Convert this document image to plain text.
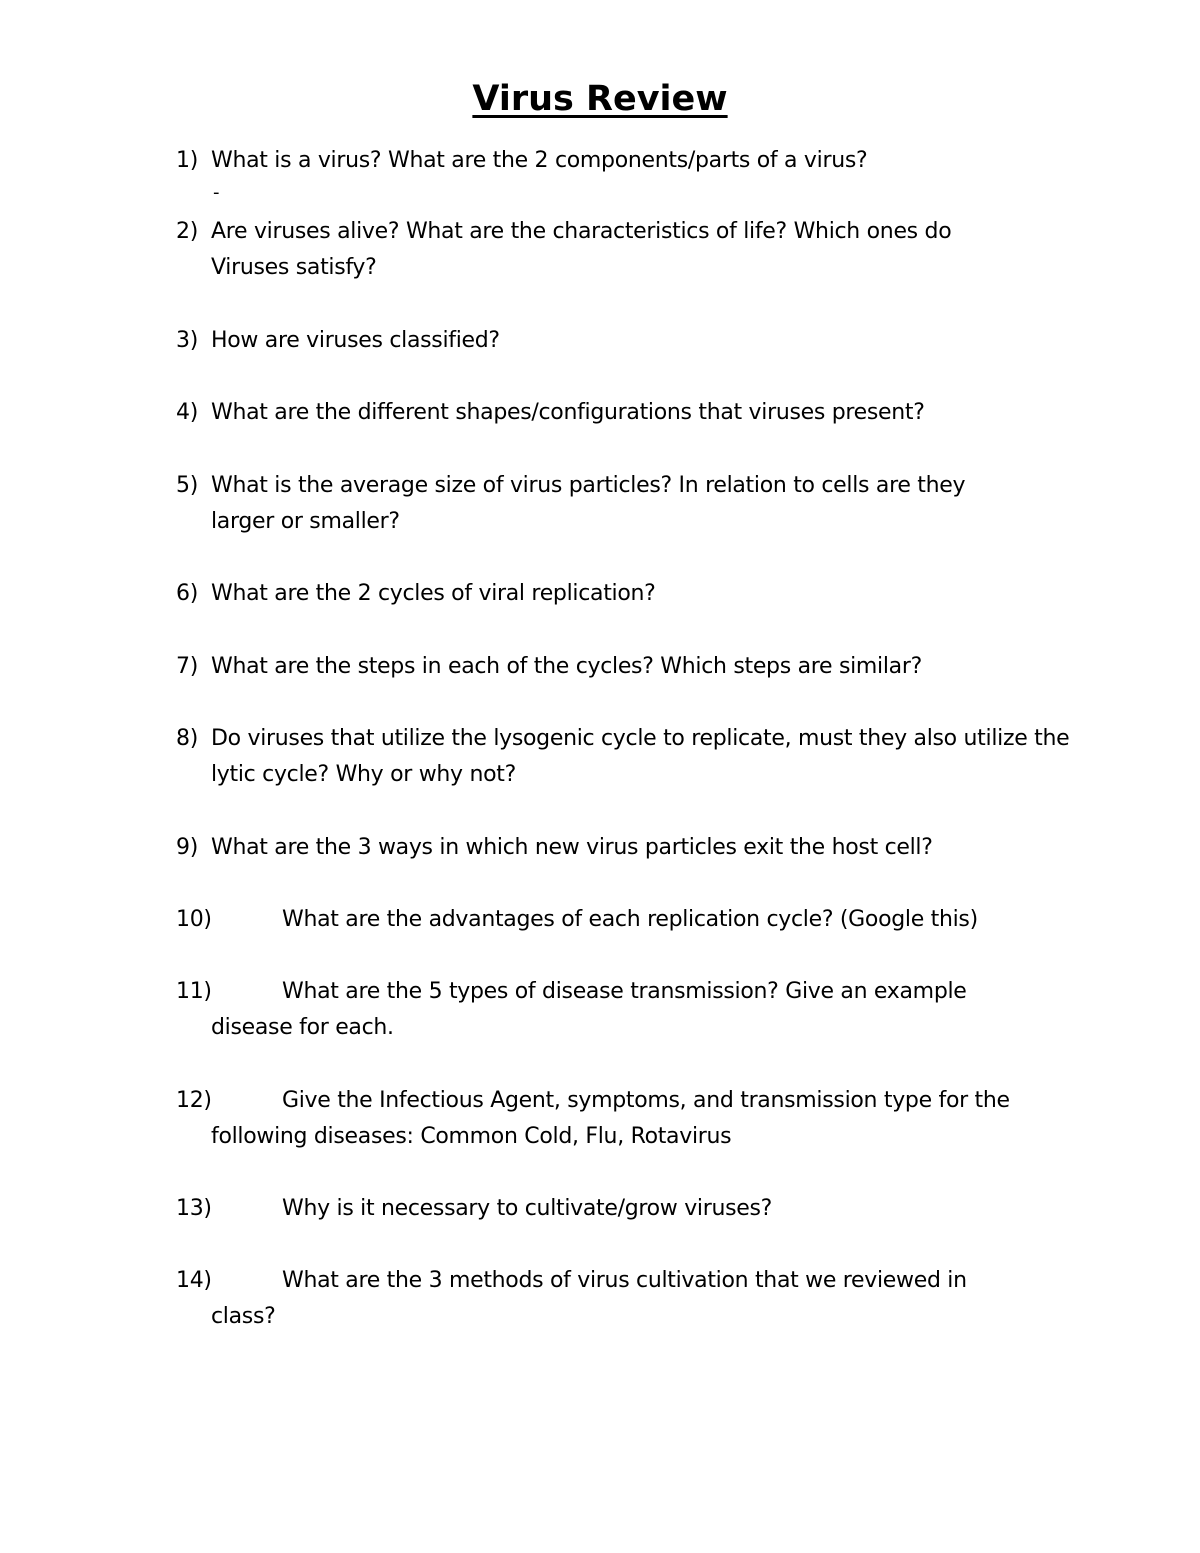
Virus Review
1) What is a virus? What are the 2 components/parts of a virus?
-
2) Are viruses alive? What are the characteristics of life? Which ones do Viruses satisfy?
3) How are viruses classified?
4) What are the different shapes/configurations that viruses present?
5) What is the average size of virus particles? In relation to cells are they larger or smaller?
6) What are the 2 cycles of viral replication?
7) What are the steps in each of the cycles? Which steps are similar?
8) Do viruses that utilize the lysogenic cycle to replicate, must they also utilize the lytic cycle? Why or why not?
9) What are the 3 ways in which new virus particles exit the host cell?
10)	What are the advantages of each replication cycle? (Google this)
11)	What are the 5 types of disease transmission? Give an example disease for each.
12)	Give the Infectious Agent, symptoms, and transmission type for the following diseases: Common Cold, Flu, Rotavirus
13)	Why is it necessary to cultivate/grow viruses?
14)	What are the 3 methods of virus cultivation that we reviewed in class?
